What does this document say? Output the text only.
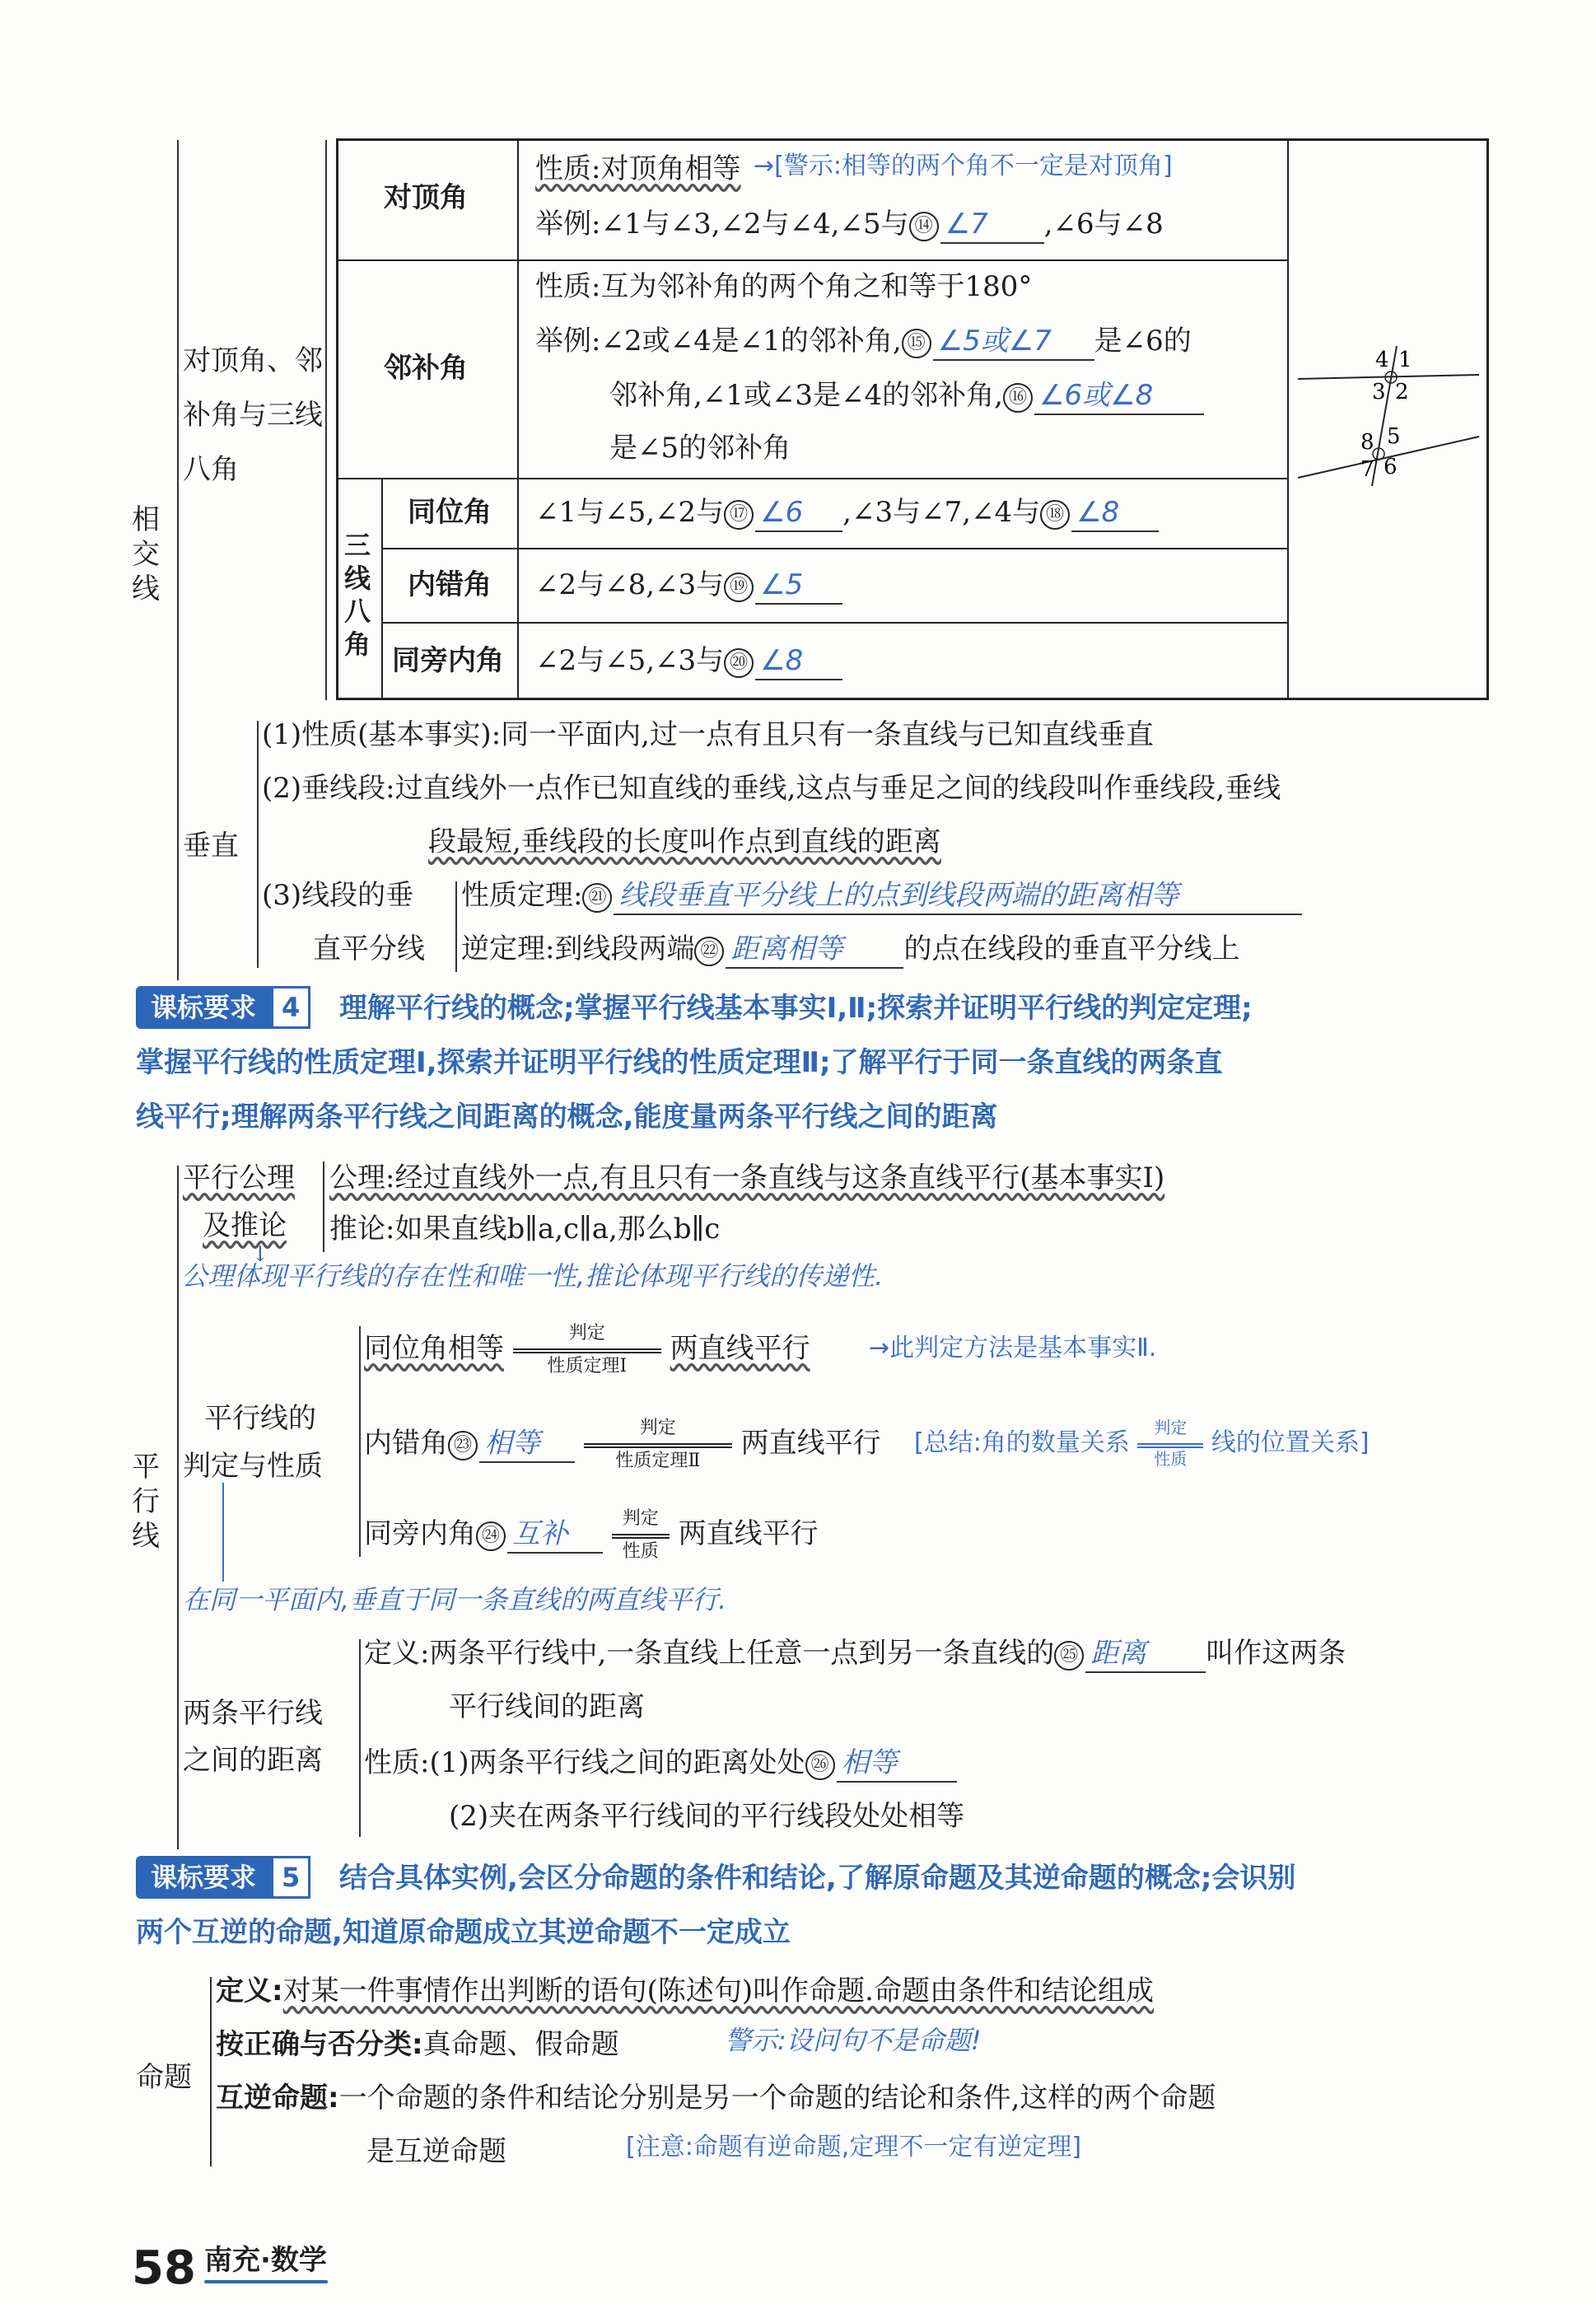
相交线
对顶角、邻补角与三线八角
对顶角
性质:对顶角相等 →[警示:相等的两个角不一定是对顶角]
举例:∠1与∠3,∠2与∠4,∠5与 ⑭ ∠7 ,∠6与∠8
邻补角
性质:互为邻补角的两个角之和等于180°
举例:∠2或∠4是∠1的邻补角, ⑮ ∠5或∠7 是∠6的
邻补角,∠1或∠3是∠4的邻补角, ⑯ ∠6或∠8
是∠5的邻补角
三线八角
同位角 ∠1与∠5,∠2与 ⑰ ∠6 ,∠3与∠7,∠4与 ⑱ ∠8
内错角 ∠2与∠8,∠3与 ⑲ ∠5
同旁内角 ∠2与∠5,∠3与 ⑳ ∠8
4 1
3 2
8 5
7 6
垂直
(1)性质(基本事实):同一平面内,过一点有且只有一条直线与已知直线垂直
(2)垂线段:过直线外一点作已知直线的垂线,这点与垂足之间的线段叫作垂线段,垂线
段最短,垂线段的长度叫作点到直线的距离
(3)线段的垂
直平分线
性质定理: ㉑ 线段垂直平分线上的点到线段两端的距离相等
逆定理:到线段两端 ㉒ 距离相等 的点在线段的垂直平分线上
课标要求 4	理解平行线的概念;掌握平行线基本事实Ⅰ,Ⅱ;探索并证明平行线的判定定理;
掌握平行线的性质定理Ⅰ,探索并证明平行线的性质定理Ⅱ;了解平行于同一条直线的两条直
线平行;理解两条平行线之间距离的概念,能度量两条平行线之间的距离
平行线
平行公理
及推论
公理:经过直线外一点,有且只有一条直线与这条直线平行(基本事实Ⅰ)
推论:如果直线b∥a,c∥a,那么b∥c
公理体现平行线的存在性和唯一性,推论体现平行线的传递性.
↓
平行线的
判定与性质
同位角相等	判定
性质定理Ⅰ
两直线平行 →此判定方法是基本事实Ⅱ.
内错角 ㉓ 相等	判定
性质定理Ⅱ
两直线平行 [总结:角的数量关系
判定
性质
线的位置关系]
同旁内角 ㉔ 互补	判定
性质
两直线平行
在同一平面内,垂直于同一条直线的两直线平行.
两条平行线
之间的距离
定义:两条平行线中,一条直线上任意一点到另一条直线的 ㉕ 距离 叫作这两条
平行线间的距离
性质:(1)两条平行线之间的距离处处 ㉖ 相等
(2)夹在两条平行线间的平行线段处处相等
课标要求 5	结合具体实例,会区分命题的条件和结论,了解原命题及其逆命题的概念;会识别
两个互逆的命题,知道原命题成立其逆命题不一定成立
命题
定义:对某一件事情作出判断的语句(陈述句)叫作命题.命题由条件和结论组成
按正确与否分类:真命题、假命题	警示:设问句不是命题!
互逆命题:一个命题的条件和结论分别是另一个命题的结论和条件,这样的两个命题
是互逆命题	[注意:命题有逆命题,定理不一定有逆定理]
58 南充·数学
